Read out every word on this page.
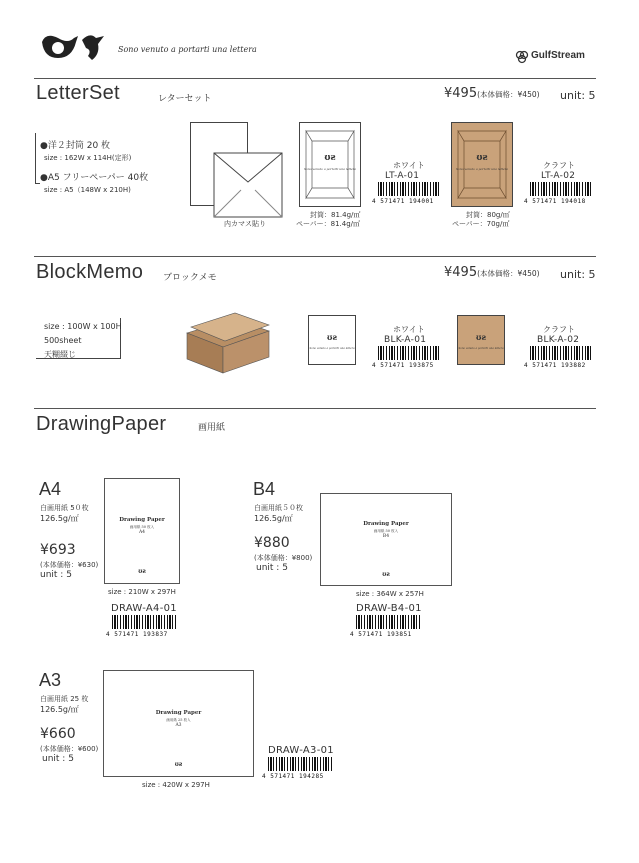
Sono venuto a portarti una lettera
GulfStream
LetterSet	レターセット	¥495(本体価格：¥450) unit: 5
●洋２封筒 20 枚
size : 162W x 114H(定形)
●A5 フリーペーパー 40枚
size : A5（148W x 210H)
内カマス貼り
ʊƨ
Sono venuto a portarti una lettera
封筒：81.4g/㎡
ペーパー：81.4g/㎡
ホワイト
LT-A-01
4 571471 194001
ʊƨ
Sono venuto a portarti una lettera
封筒：80g/㎡
ペーパー：70g/㎡
クラフト
LT-A-02
4 571471 194018
BlockMemo ブロックメモ	¥495(本体価格：¥450) unit: 5
size : 100W x 100H
500sheet
天糊綴じ
ʊƨ
Sono venuto a portarti una lettera
ホワイト
BLK-A-01
4 571471 193875
ʊƨ
Sono venuto a portarti una lettera
クラフト
BLK-A-02
4 571471 193882
DrawingPaper	画用紙
A4
白画用紙 5０枚
126.5g/㎡
¥693
(本体価格：¥630)
unit : 5
Drawing Paper
画用紙 50 枚入
A4
ʊƨ
size : 210W x 297H
DRAW-A4-01
4 571471 193837
B4
白画用紙５０枚
126.5g/㎡
¥880
(本体価格：¥800)
unit : 5
Drawing Paper
画用紙 50 枚入
B4
ʊƨ
size : 364W x 257H
DRAW-B4-01
4 571471 193851
A3
白画用紙 25 枚
126.5g/㎡
¥660
(本体価格：¥600)
unit : 5
Drawing Paper
画用紙 25 枚入
A3
ʊƨ
size : 420W x 297H
DRAW-A3-01
4 571471 194285
